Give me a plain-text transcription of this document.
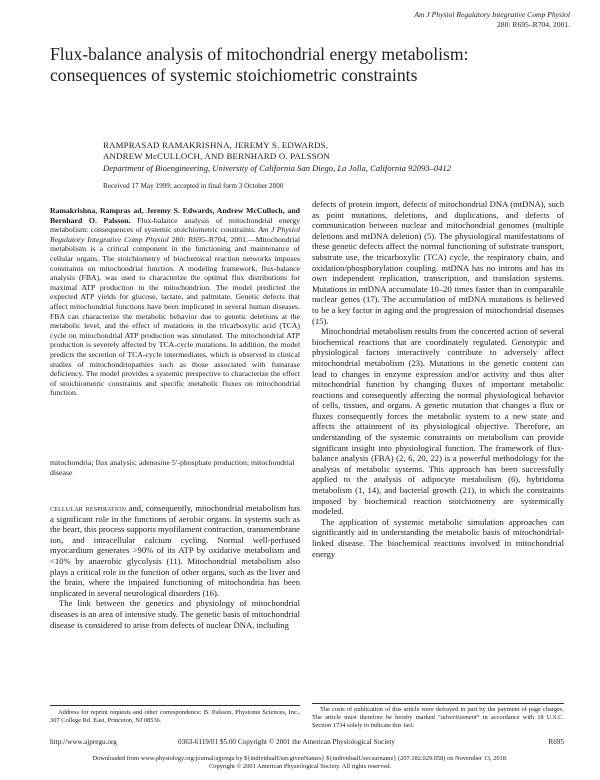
Am J Physiol Regulatory Integrative Comp Physiol
280: R695–R704, 2001.
Flux-balance analysis of mitochondrial energy metabolism: consequences of systemic stoichiometric constraints
RAMPRASAD RAMAKRISHNA, JEREMY S. EDWARDS,
ANDREW McCULLOCH, AND BERNHARD O. PALSSON
Department of Bioengineering, University of California San Diego, La Jolla, California 92093–0412
Received 17 May 1999; accepted in final form 3 October 2000
Ramakrishna, Rampras ad, Jeremy S. Edwards, Andrew McCulloch, and Bernhard O. Palsson. Flux-balance analysis of mitochondrial energy metabolism: consequences of systemic stoichiometric constraints. Am J Physiol Regulatory Integrative Comp Physiol 280: R695–R704, 2001.—Mitochondrial metabolism is a critical component in the functioning and maintenance of cellular organs. The stoichiometry of biochemical reaction networks imposes constraints on mitochondrial function. A modeling framework, flux-balance analysis (FBA), was used to characterize the optimal flux distributions for maximal ATP production in the mitochondrion. The model predicted the expected ATP yields for glucose, lactate, and palmitate. Genetic defects that affect mitochondrial functions have been implicated in several human diseases. FBA can characterize the metabolic behavior due to genetic deletions at the metabolic level, and the effect of mutations in the tricarboxylic acid (TCA) cycle on mitochondrial ATP production was simulated. The mitochondrial ATP production is severely affected by TCA-cycle mutations. In addition, the model predicts the secretion of TCA-cycle intermediates, which is observed in clinical studies of mitochondriopathies such as those associated with fumarase deficiency. The model provides a systemic perspective to characterize the effect of stoichiometric constraints and specific metabolic fluxes on mitochondrial function.
mitochondria; flux analysis; adenosine 5′-phosphate production; mitochondrial disease

cellular respiration and, consequently, mitochondrial metabolism has a significant role in the functions of aerobic organs. In systems such as the heart, this process supports myofilament contraction, transmembrane ion, and intracellular calcium cycling. Normal well-perfused myocardium generates >90% of its ATP by oxidative metabolism and <10% by anaerobic glycolysis (11). Mitochondrial metabolism also plays a critical role in the function of other organs, such as the liver and the brain, where the impaired functioning of mitochondria has been implicated in several neurological disorders (16).

The link between the genetics and physiology of mitochondrial diseases is an area of intensive study. The genetic basis of mitochondrial disease is considered to arise from defects of nuclear DNA, including

defects of protein import, defects of mitochondrial DNA (mtDNA), such as point mutations, deletions, and duplications, and defects of communication between nuclear and mitochondrial genomes (multiple deletions and mtDNA deletion) (5). The physiological manifestations of these genetic defects affect the normal functioning of substrate transport, substrate use, the tricarboxylic (TCA) cycle, the respiratory chain, and oxidation/phosphorylation coupling. mtDNA has no introns and has its own independent replication, transcription, and translation systems. Mutations in mtDNA accumulate 10–20 times faster than in comparable nuclear genes (17). The accumulation of mtDNA mutations is believed to be a key factor in aging and the progression of mitochondrial diseases (15).

Mitochondrial metabolism results from the concerted action of several biochemical reactions that are coordinately regulated. Genotypic and physiological factors interactively contribute to adversely affect mitochondrial metabolism (23). Mutations in the genetic content can lead to changes in enzyme expression and/or activity and thus alter mitochondrial function by changing fluxes of important metabolic reactions and consequently affecting the normal physiological behavior of cells, tissues, and organs. A genetic mutation that changes a flux or fluxes consequently forces the metabolic system to a new state and affects the attainment of its physiological objective. Therefore, an understanding of the systemic constraints on metabolism can provide significant insight into physiological function. The framework of flux-balance analysis (FBA) (2, 6, 20, 22) is a powerful methodology for the analysis of metabolic systems. This approach has been successfully applied to the analysis of adipocyte metabolism (6), hybridoma metabolism (1, 14), and bacterial growth (21), in which the constraints imposed by biochemical reaction stoichiometry are systemically modeled.

The application of systemic metabolic simulation approaches can significantly aid in understanding the metabolic basis of mitochondrial-linked disease. The biochemical reactions involved in mitochondrial energy

Address for reprint requests and other correspondence: B. Palsson, Physiome Sciences, Inc., 307 College Rd. East, Princeton, NJ 08536.
The costs of publication of this article were defrayed in part by the payment of page charges. The article must therefore be hereby marked “advertisement” in accordance with 18 U.S.C. Section 1734 solely to indicate this fact.
http://www.ajpregu.org	0363-6119/01 $5.00 Copyright © 2001 the American Physiological Society	R695
Downloaded from www.physiology.org/journal/ajpregu by ${individualUser.givenNames} ${individualUser.surname} (207.182.029.058) on November 13, 2018.
Copyright © 2001 American Physiological Society. All rights reserved.
